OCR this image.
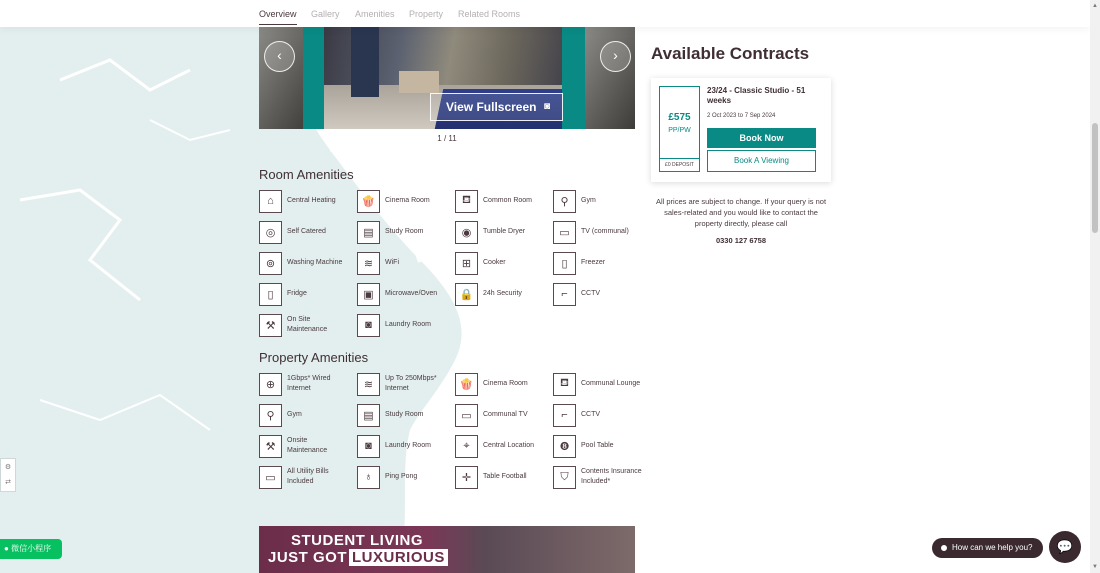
Overview Gallery Amenities Property Related Rooms
▲
▼
‹	›
View Fullscreen ◙
1 / 11
Room Amenities
⌂	Central Heating	🍿	Cinema Room	⛾	Common Room	⚲	Gym
◎	Self Catered	▤	Study Room	◉	Tumble Dryer	▭	TV (communal)
⊚	Washing Machine	≋	WiFi	⊞	Cooker	▯	Freezer
▯	Fridge	▣	Microwave/Oven	🔒	24h Security	⌐	CCTV
⚒	On Site Maintenance	◙	Laundry Room
Property Amenities
⊕	1Gbps* Wired Internet	≋	Up To 250Mbps* Internet	🍿	Cinema Room	⛾	Communal Lounge
⚲	Gym	▤	Study Room	▭	Communal TV	⌐	CCTV
⚒	Onsite Maintenance	◙	Laundry Room	⌖	Central Location	❽	Pool Table
▭	All Utility Bills Included	♁	Ping Pong	✛	Table Football	⛉	Contents Insurance Included*
STUDENT LIVING
JUST GOT LUXURIOUS
Available Contracts
£575
PP/PW
£0 DEPOSIT
23/24 - Classic Studio - 51 weeks
2 Oct 2023 to 7 Sep 2024
Book Now
Book A Viewing
All prices are subject to change. If your query is not sales-related and you would like to contact the property directly, please call
0330 127 6758
⚙
⇄
● 微信小程序	How can we help you?	💬
